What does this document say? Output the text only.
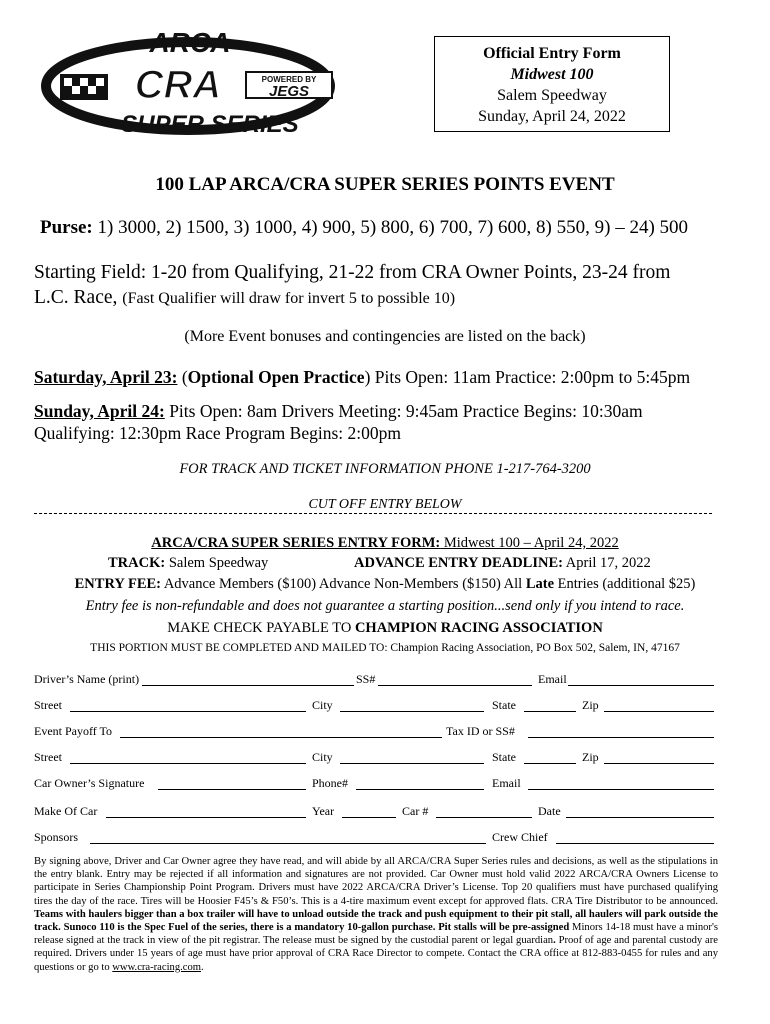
ARCA
CRA	POWERED BY
JEGS
SUPER SERIES
Official Entry Form
Midwest 100
Salem Speedway
Sunday, April 24, 2022
100 LAP ARCA/CRA SUPER SERIES POINTS EVENT
Purse: 1) 3000, 2) 1500, 3) 1000, 4) 900, 5) 800, 6) 700, 7) 600, 8) 550, 9) – 24) 500
Starting Field: 1-20 from Qualifying, 21-22 from CRA Owner Points, 23-24 from
L.C. Race, (Fast Qualifier will draw for invert 5 to possible 10)
(More Event bonuses and contingencies are listed on the back)
Saturday, April 23: (Optional Open Practice) Pits Open: 11am Practice: 2:00pm to 5:45pm
Sunday, April 24: Pits Open: 8am Drivers Meeting: 9:45am Practice Begins: 10:30am
Qualifying: 12:30pm Race Program Begins: 2:00pm
FOR TRACK AND TICKET INFORMATION PHONE 1-217-764-3200
CUT OFF ENTRY BELOW
ARCA/CRA SUPER SERIES ENTRY FORM: Midwest 100 – April 24, 2022
TRACK: Salem Speedway	ADVANCE ENTRY DEADLINE: April 17, 2022
ENTRY FEE: Advance Members ($100) Advance Non-Members ($150) All Late Entries (additional $25)
Entry fee is non-refundable and does not guarantee a starting position...send only if you intend to race.
MAKE CHECK PAYABLE TO CHAMPION RACING ASSOCIATION
THIS PORTION MUST BE COMPLETED AND MAILED TO: Champion Racing Association, PO Box 502, Salem, IN, 47167
Driver’s Name (print)	SS#	Email
Street	City	State	Zip
Event Payoff To	Tax ID or SS#
Street	City	State	Zip
Car Owner’s Signature	Phone#	Email
Make Of Car	Year	Car #	Date
Sponsors	Crew Chief
By signing above, Driver and Car Owner agree they have read, and will abide by all ARCA/CRA Super Series rules and decisions, as well as the stipulations in the entry blank. Entry may be rejected if all information and signatures are not provided. Car Owner must hold valid 2022 ARCA/CRA Owners License to participate in Series Championship Point Program. Drivers must have 2022 ARCA/CRA Driver’s License. Top 20 qualifiers must have purchased qualifying tires the day of the race. Tires will be Hoosier F45’s & F50’s. This is a 4-tire maximum event except for approved flats. CRA Tire Distributor to be announced. Teams with haulers bigger than a box trailer will have to unload outside the track and push equipment to their pit stall, all haulers will park outside the track. Sunoco 110 is the Spec Fuel of the series, there is a mandatory 10-gallon purchase. Pit stalls will be pre-assigned Minors 14-18 must have a minor's release signed at the track in view of the pit registrar. The release must be signed by the custodial parent or legal guardian. Proof of age and parental custody are required. Drivers under 15 years of age must have prior approval of CRA Race Director to compete. Contact the CRA office at 812-883-0455 for rules and any questions or go to www.cra-racing.com.
